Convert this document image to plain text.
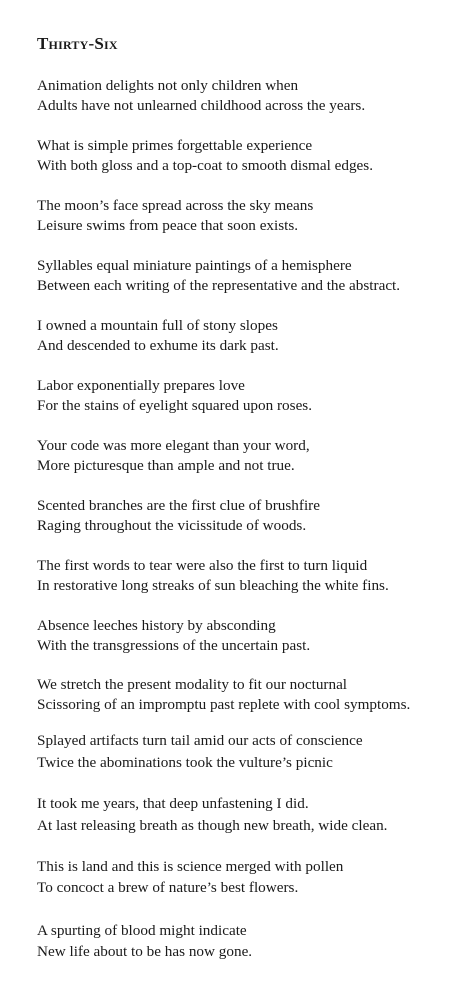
Thirty-Six

Animation delights not only children when
Adults have not unlearned childhood across the years.

What is simple primes forgettable experience
With both gloss and a top-coat to smooth dismal edges.

The moon’s face spread across the sky means
Leisure swims from peace that soon exists.

Syllables equal miniature paintings of a hemisphere
Between each writing of the representative and the abstract.

I owned a mountain full of stony slopes
And descended to exhume its dark past.

Labor exponentially prepares love
For the stains of eyelight squared upon roses.

Your code was more elegant than your word,
More picturesque than ample and not true.

Scented branches are the first clue of brushfire
Raging throughout the vicissitude of woods.

The first words to tear were also the first to turn liquid
In restorative long streaks of sun bleaching the white fins.

Absence leeches history by absconding
With the transgressions of the uncertain past.

We stretch the present modality to fit our nocturnal
Scissoring of an impromptu past replete with cool symptoms.

Splayed artifacts turn tail amid our acts of conscience
Twice the abominations took the vulture’s picnic

It took me years, that deep unfastening I did.
At last releasing breath as though new breath, wide clean.

This is land and this is science merged with pollen
To concoct a brew of nature’s best flowers.

A spurting of blood might indicate
New life about to be has now gone.
